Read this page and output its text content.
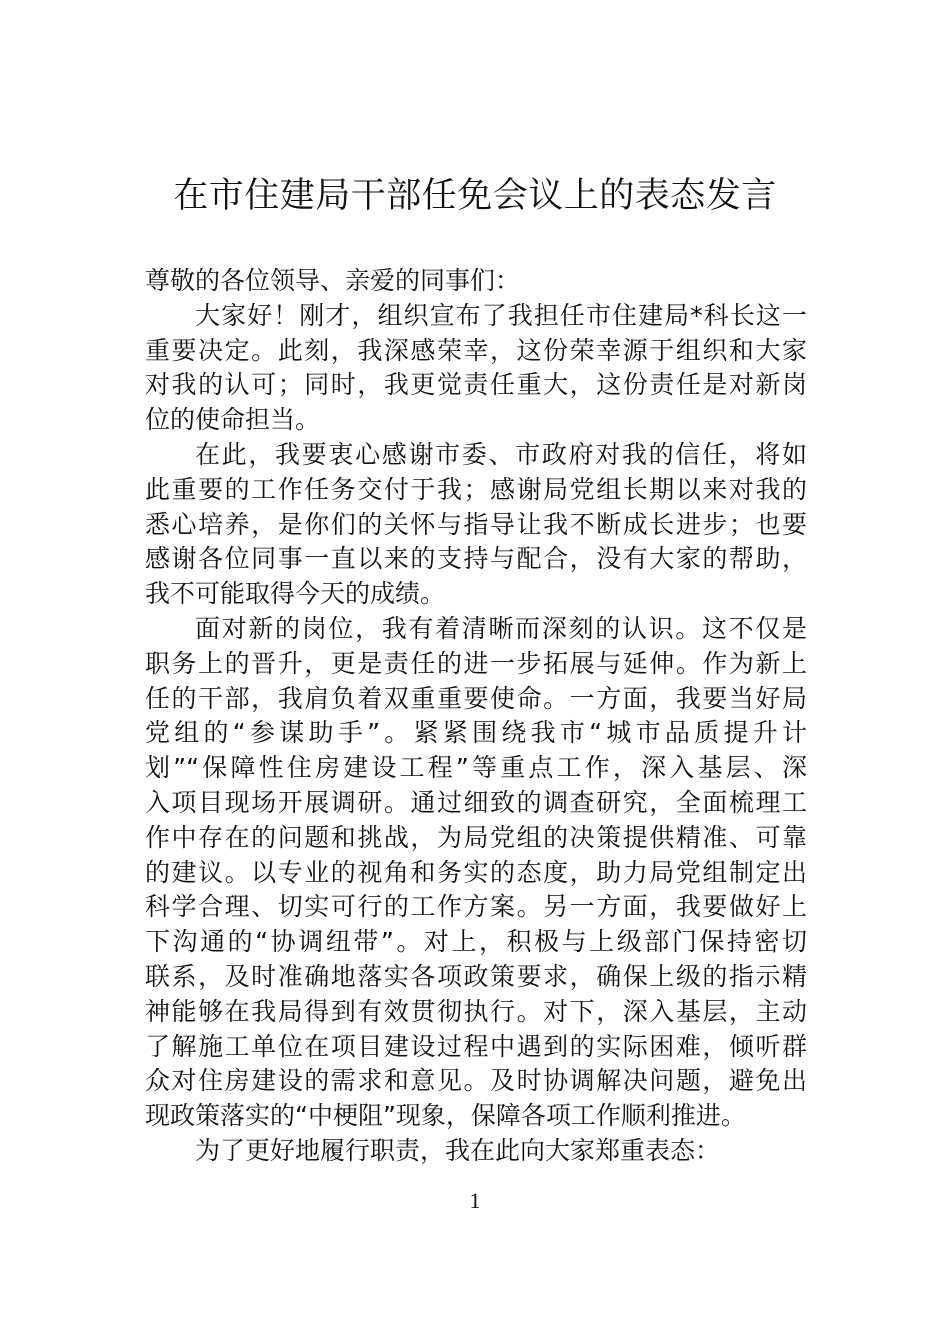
在市住建局干部任免会议上的表态发言
尊敬的各位领导、亲爱的同事们：
大家好！刚才，组织宣布了我担任市住建局*科长这一
重要决定。此刻，我深感荣幸，这份荣幸源于组织和大家
对我的认可；同时，我更觉责任重大，这份责任是对新岗
位的使命担当。
在此，我要衷心感谢市委、市政府对我的信任，将如
此重要的工作任务交付于我；感谢局党组长期以来对我的
悉心培养，是你们的关怀与指导让我不断成长进步；也要
感谢各位同事一直以来的支持与配合，没有大家的帮助，
我不可能取得今天的成绩。
面对新的岗位，我有着清晰而深刻的认识。这不仅是
职务上的晋升，更是责任的进一步拓展与延伸。作为新上
任的干部，我肩负着双重重要使命。一方面，我要当好局
党组的“参谋助手”。紧紧围绕我市“城市品质提升计
划”“保障性住房建设工程”等重点工作，深入基层、深
入项目现场开展调研。通过细致的调查研究，全面梳理工
作中存在的问题和挑战，为局党组的决策提供精准、可靠
的建议。以专业的视角和务实的态度，助力局党组制定出
科学合理、切实可行的工作方案。另一方面，我要做好上
下沟通的“协调纽带”。对上，积极与上级部门保持密切
联系，及时准确地落实各项政策要求，确保上级的指示精
神能够在我局得到有效贯彻执行。对下，深入基层，主动
了解施工单位在项目建设过程中遇到的实际困难，倾听群
众对住房建设的需求和意见。及时协调解决问题，避免出
现政策落实的“中梗阻”现象，保障各项工作顺利推进。
为了更好地履行职责，我在此向大家郑重表态：
1
